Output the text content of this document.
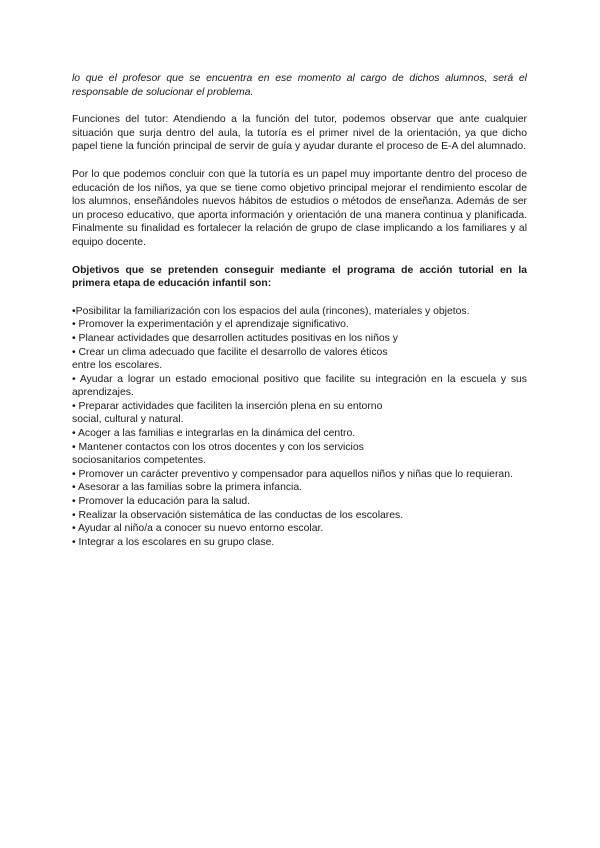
lo que el profesor que se encuentra en ese momento al cargo de dichos alumnos, será el responsable de solucionar el problema.

Funciones del tutor: Atendiendo a la función del tutor, podemos observar que ante cualquier situación que surja dentro del aula, la tutoría es el primer nivel de la orientación, ya que dicho papel tiene la función principal de servir de guía y ayudar durante el proceso de E-A del alumnado.

Por lo que podemos concluir con que la tutoría es un papel muy importante dentro del proceso de educación de los niños, ya que se tiene como objetivo principal mejorar el rendimiento escolar de los alumnos, enseñándoles nuevos hábitos de estudios o métodos de enseñanza. Además de ser un proceso educativo, que aporta información y orientación de una manera continua y planificada. Finalmente su finalidad es fortalecer la relación de grupo de clase implicando a los familiares y al equipo docente.

Objetivos que se pretenden conseguir mediante el programa de acción tutorial en la primera etapa de educación infantil son:

•Posibilitar la familiarización con los espacios del aula (rincones), materiales y objetos.
• Promover la experimentación y el aprendizaje significativo.
• Planear actividades que desarrollen actitudes positivas en los niños y
• Crear un clima adecuado que facilite el desarrollo de valores éticos
entre los escolares.
• Ayudar a lograr un estado emocional positivo que facilite su integración en la escuela y sus aprendizajes.
• Preparar actividades que faciliten la inserción plena en su entorno
social, cultural y natural.
• Acoger a las familias e integrarlas en la dinámica del centro.
• Mantener contactos con los otros docentes y con los servicios
sociosanitarios competentes.
• Promover un carácter preventivo y compensador para aquellos niños y niñas que lo requieran.
• Asesorar a las familias sobre la primera infancia.
• Promover la educación para la salud.
• Realizar la observación sistemática de las conductas de los escolares.
• Ayudar al niño/a a conocer su nuevo entorno escolar.
• Integrar a los escolares en su grupo clase.
